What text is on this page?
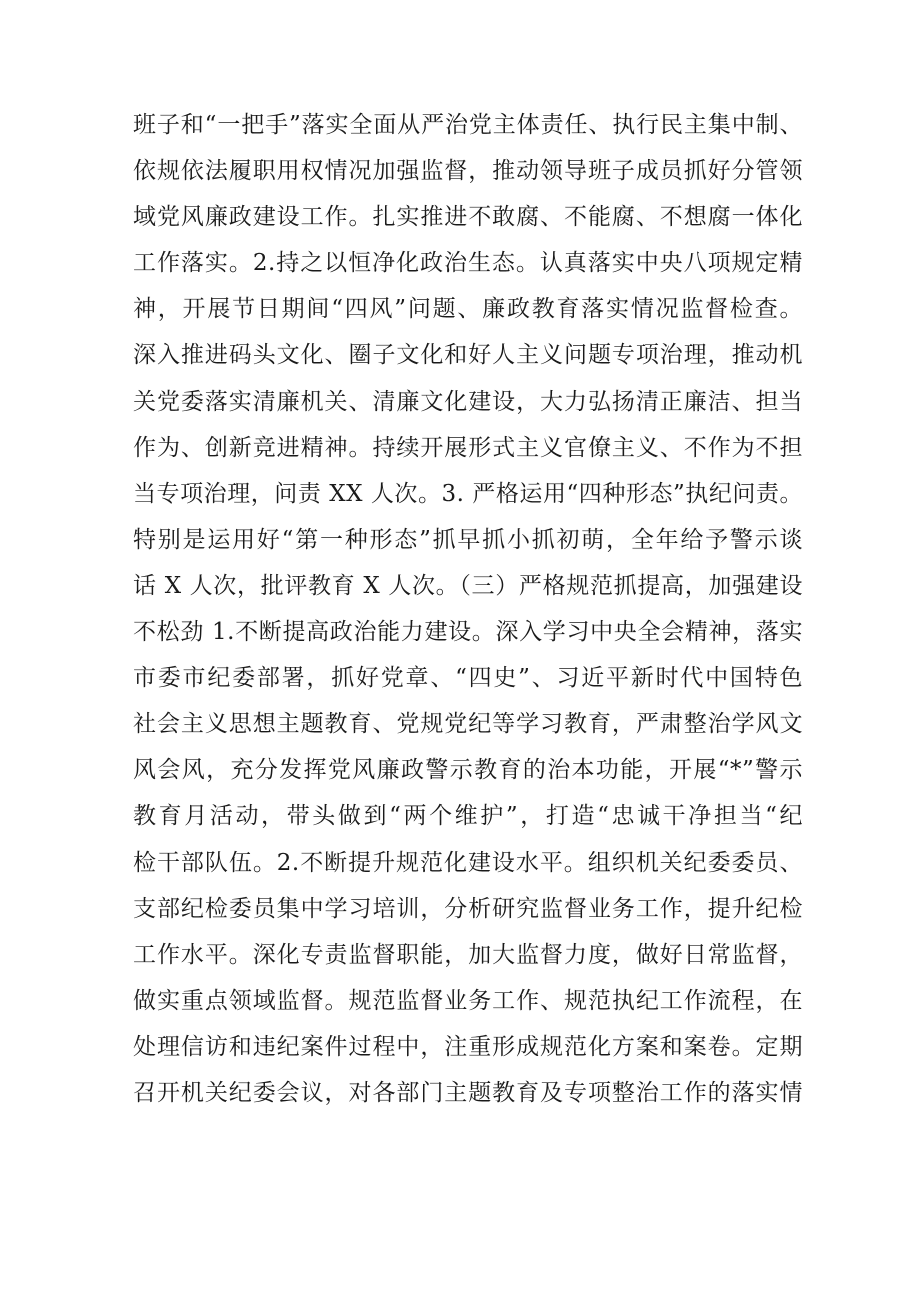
班子和“一把手”落实全面从严治党主体责任、执行民主集中制、
依规依法履职用权情况加强监督，推动领导班子成员抓好分管领
域党风廉政建设工作。扎实推进不敢腐、不能腐、不想腐一体化
工作落实。2.持之以恒净化政治生态。认真落实中央八项规定精
神，开展节日期间“四风”问题、廉政教育落实情况监督检查。
深入推进码头文化、圈子文化和好人主义问题专项治理，推动机
关党委落实清廉机关、清廉文化建设，大力弘扬清正廉洁、担当
作为、创新竞进精神。持续开展形式主义官僚主义、不作为不担
当专项治理，问责 XX 人次。3. 严格运用“四种形态”执纪问责。
特别是运用好“第一种形态”抓早抓小抓初萌，全年给予警示谈
话 X 人次，批评教育 X 人次。（三）严格规范抓提高，加强建设
不松劲 1.不断提高政治能力建设。深入学习中央全会精神，落实
市委市纪委部署，抓好党章、“四史”、习近平新时代中国特色
社会主义思想主题教育、党规党纪等学习教育，严肃整治学风文
风会风，充分发挥党风廉政警示教育的治本功能，开展“*”警示
教育月活动，带头做到“两个维护”，打造“忠诚干净担当“纪
检干部队伍。2.不断提升规范化建设水平。组织机关纪委委员、
支部纪检委员集中学习培训，分析研究监督业务工作，提升纪检
工作水平。深化专责监督职能，加大监督力度，做好日常监督，
做实重点领域监督。规范监督业务工作、规范执纪工作流程，在
处理信访和违纪案件过程中，注重形成规范化方案和案卷。定期
召开机关纪委会议，对各部门主题教育及专项整治工作的落实情
